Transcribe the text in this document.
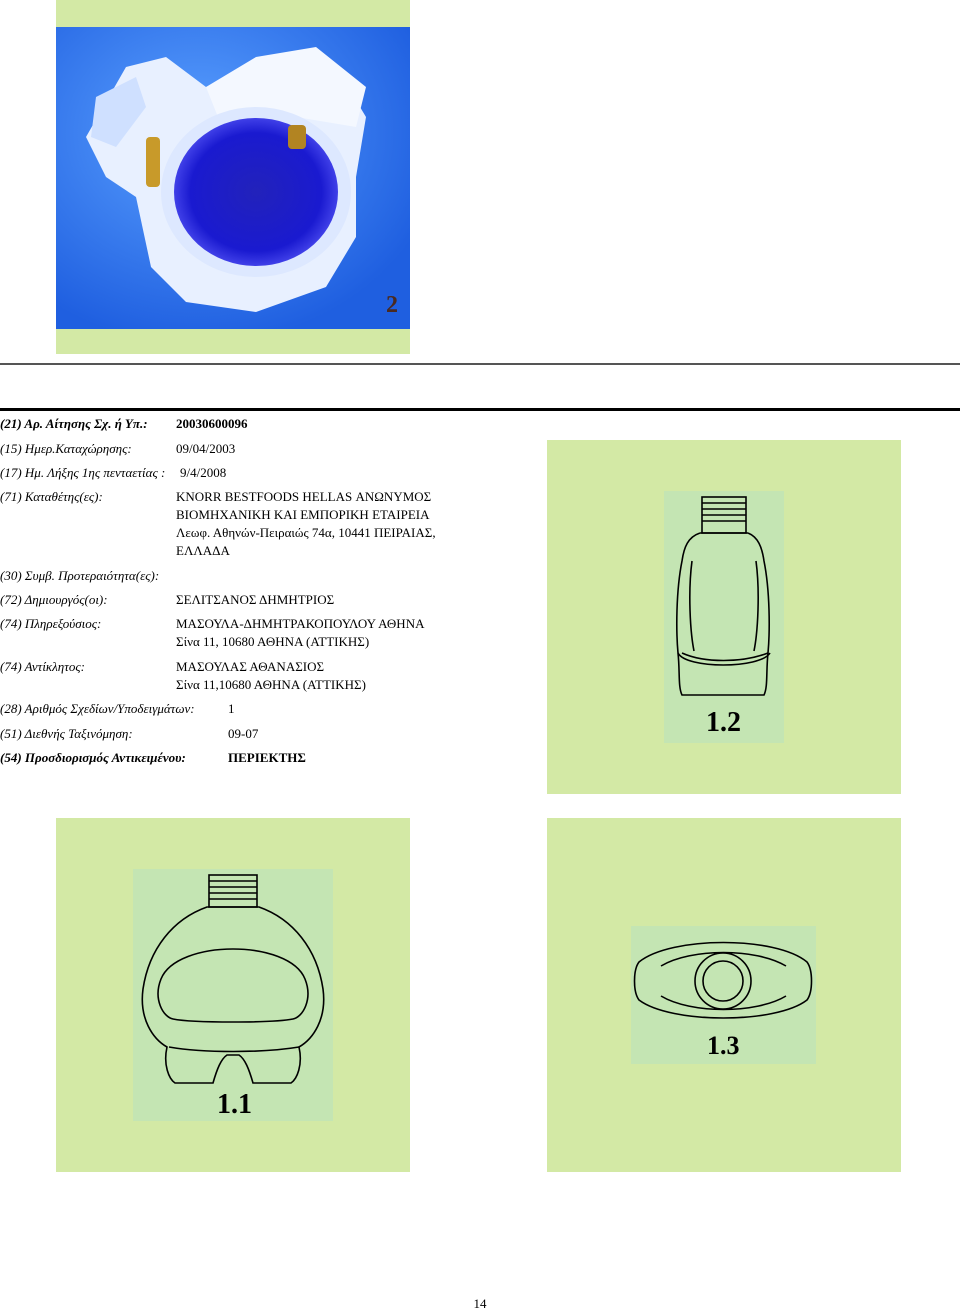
2
(21) Αρ. Αίτησης Σχ. ή Υπ.: 20030600096
(15) Ημερ.Καταχώρησης:	09/04/2003
(17) Ημ. Λήξης 1ης πενταετίας : 9/4/2008
(71) Καταθέτης(ες):	KNORR BESTFOODS HELLAS ΑΝΩΝΥΜΟΣ
ΒΙΟΜΗΧΑΝΙΚΗ ΚΑΙ ΕΜΠΟΡΙΚΗ ΕΤΑΙΡΕΙΑ
Λεωφ. Αθηνών-Πειραιώς 74α, 10441 ΠΕΙΡΑΙΑΣ,
ΕΛΛΑΔΑ
(30) Συμβ. Προτεραιότητα(ες):
(72) Δημιουργός(οι):	ΣΕΛΙΤΣΑΝΟΣ ΔΗΜΗΤΡΙΟΣ
(74) Πληρεξούσιος:	ΜΑΣΟΥΛΑ-ΔΗΜΗΤΡΑΚΟΠΟΥΛΟΥ ΑΘΗΝΑ
Σίνα 11, 10680 ΑΘΗΝΑ (ΑΤΤΙΚΗΣ)
(74) Αντίκλητος:	ΜΑΣΟΥΛΑΣ ΑΘΑΝΑΣΙΟΣ
Σίνα 11,10680 ΑΘΗΝΑ (ΑΤΤΙΚΗΣ)
(28) Αριθμός Σχεδίων/Υποδειγμάτων:	1
(51) Διεθνής Ταξινόμηση:	09-07
(54) Προσδιορισμός Αντικειμένου:	ΠΕΡΙΕΚΤΗΣ
1.2
1.1
1.3
14
